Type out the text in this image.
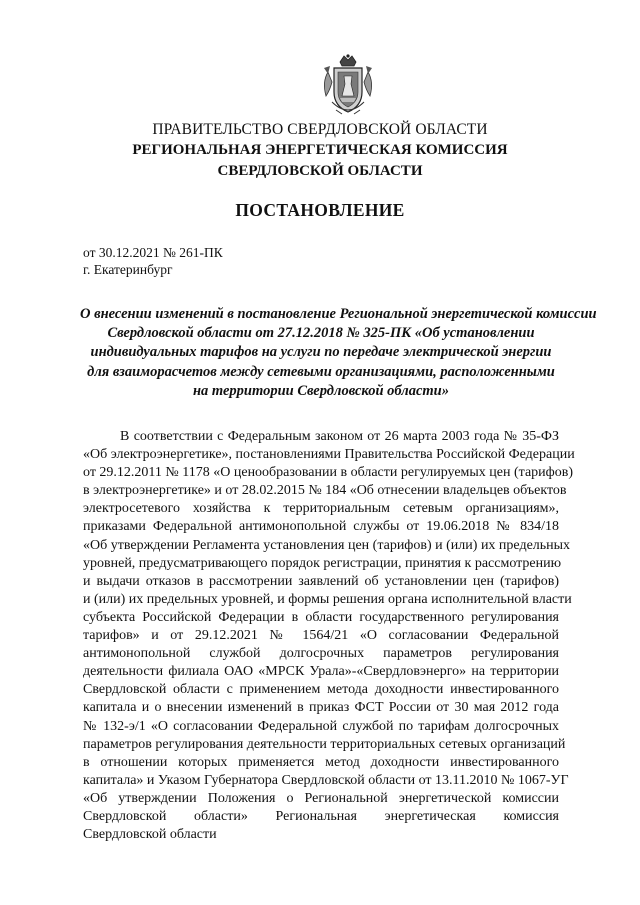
ПРАВИТЕЛЬСТВО СВЕРДЛОВСКОЙ ОБЛАСТИ
РЕГИОНАЛЬНАЯ ЭНЕРГЕТИЧЕСКАЯ КОМИССИЯ
СВЕРДЛОВСКОЙ ОБЛАСТИ
ПОСТАНОВЛЕНИЕ
от 30.12.2021 № 261-ПК
г. Екатеринбург
О внесении изменений в постановление Региональной энергетической комиссии
Свердловской области от 27.12.2018 № 325-ПК «Об установлении
индивидуальных тарифов на услуги по передаче электрической энергии
для взаиморасчетов между сетевыми организациями, расположенными
на территории Свердловской области»
В соответствии с Федеральным законом от 26 марта 2003 года № 35-ФЗ
«Об электроэнергетике», постановлениями Правительства Российской Федерации
от 29.12.2011 № 1178 «О ценообразовании в области регулируемых цен (тарифов)
в электроэнергетике» и от 28.02.2015 № 184 «Об отнесении владельцев объектов
электросетевого хозяйства к территориальным сетевым организациям»,
приказами Федеральной антимонопольной службы от 19.06.2018 № 834/18
«Об утверждении Регламента установления цен (тарифов) и (или) их предельных
уровней, предусматривающего порядок регистрации, принятия к рассмотрению
и выдачи отказов в рассмотрении заявлений об установлении цен (тарифов)
и (или) их предельных уровней, и формы решения органа исполнительной власти
субъекта Российской Федерации в области государственного регулирования
тарифов» и от 29.12.2021 № 1564/21 «О согласовании Федеральной
антимонопольной службой долгосрочных параметров регулирования
деятельности филиала ОАО «МРСК Урала»-«Свердловэнерго» на территории
Свердловской области с применением метода доходности инвестированного
капитала и о внесении изменений в приказ ФСТ России от 30 мая 2012 года
№ 132-э/1 «О согласовании Федеральной службой по тарифам долгосрочных
параметров регулирования деятельности территориальных сетевых организаций
в отношении которых применяется метод доходности инвестированного
капитала» и Указом Губернатора Свердловской области от 13.11.2010 № 1067-УГ
«Об утверждении Положения о Региональной энергетической комиссии
Свердловской области» Региональная энергетическая комиссия
Свердловской области
